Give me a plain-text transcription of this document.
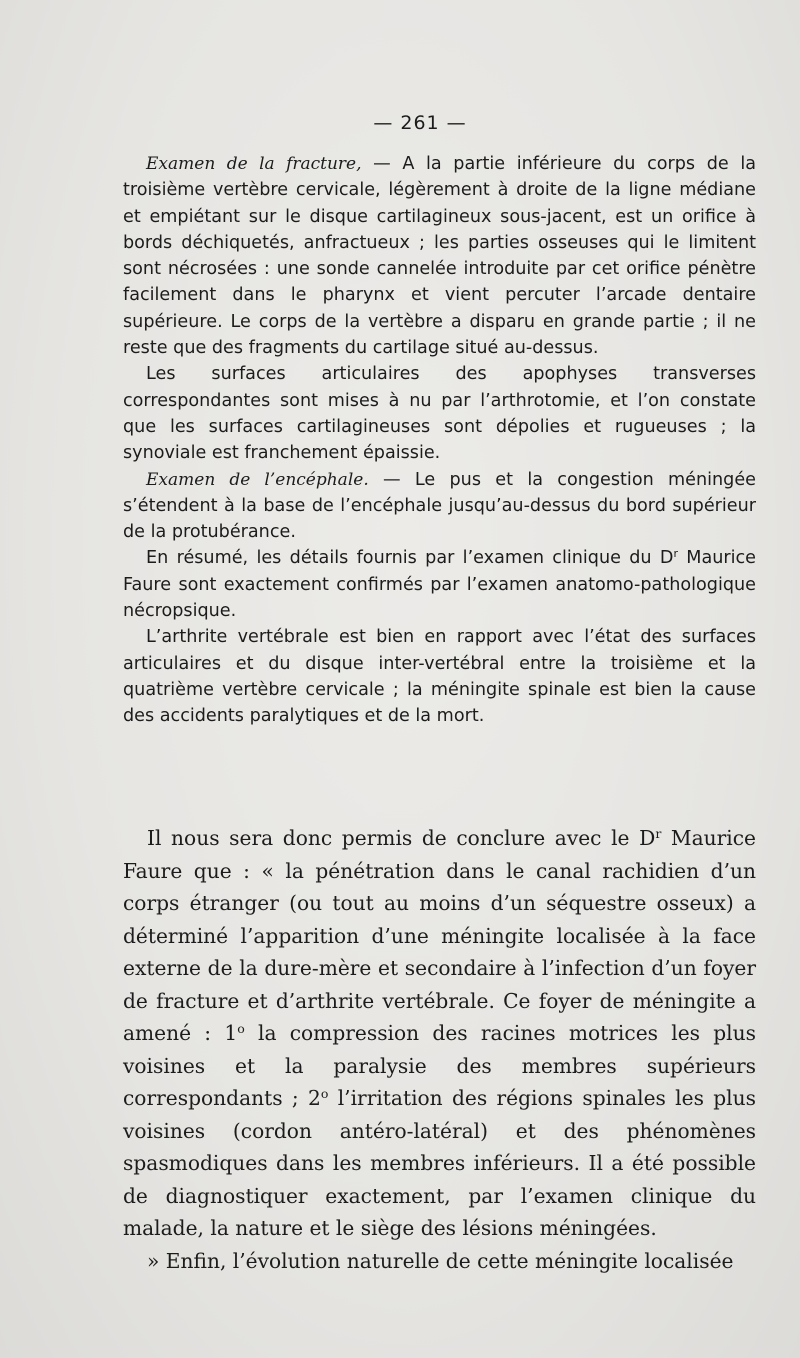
— 261 —

Examen de la fracture, — A la partie inférieure du corps de la troisième vertèbre cervicale, légèrement à droite de la ligne médiane et empiétant sur le disque cartilagineux sous-jacent, est un orifice à bords déchiquetés, anfractueux ; les parties osseuses qui le limitent sont nécrosées : une sonde cannelée introduite par cet orifice pénètre facilement dans le pharynx et vient percuter l’arcade dentaire supérieure. Le corps de la vertèbre a disparu en grande partie ; il ne reste que des fragments du cartilage situé au-dessus.

Les surfaces articulaires des apophyses transverses correspondantes sont mises à nu par l’arthrotomie, et l’on constate que les surfaces cartilagineuses sont dépolies et rugueuses ; la synoviale est franchement épaissie.

Examen de l’encéphale. — Le pus et la congestion méningée s’étendent à la base de l’encéphale jusqu’au-dessus du bord supérieur de la protubérance.

En résumé, les détails fournis par l’examen clinique du $D^r$ Maurice Faure sont exactement confirmés par l’examen anatomo-pathologique nécropsique.

L’arthrite vertébrale est bien en rapport avec l’état des surfaces articulaires et du disque inter-vertébral entre la troisième et la quatrième vertèbre cervicale ; la méningite spinale est bien la cause des accidents paralytiques et de la mort.

Il nous sera donc permis de conclure avec le $D^r$ Maurice Faure que : « la pénétration dans le canal rachidien d’un corps étranger (ou tout au moins d’un séquestre osseux) a déterminé l’apparition d’une méningite localisée à la face externe de la dure-mère et secondaire à l’infection d’un foyer de fracture et d’arthrite vertébrale. Ce foyer de méningite a amené : 1$^o$ la compression des racines motrices les plus voisines et la paralysie des membres supérieurs correspondants ; 2$^o$ l’irritation des régions spinales les plus voisines (cordon antéro-latéral) et des phénomènes spasmodiques dans les membres inférieurs. Il a été possible de diagnostiquer exactement, par l’examen clinique du malade, la nature et le siège des lésions méningées.

» Enfin, l’évolution naturelle de cette méningite localisée
